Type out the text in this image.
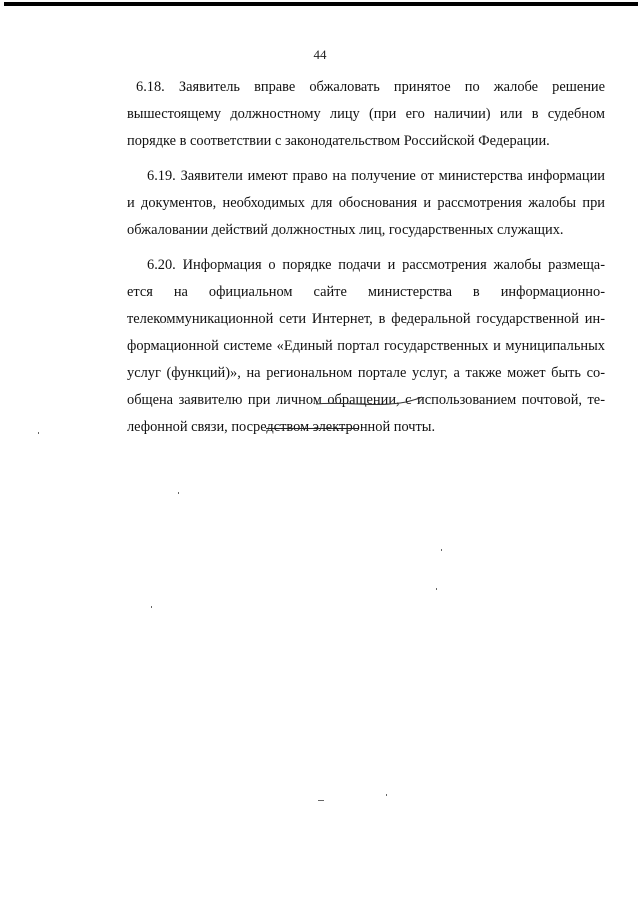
44

6.18. Заявитель вправе обжаловать принятое по жалобе решение вышестоящему должностному лицу (при его наличии) или в судебном порядке в соответствии с законодательством Российской Федерации.

6.19. Заявители имеют право на получение от министерства информации и документов, необходимых для обоснования и рассмотрения жалобы при обжаловании действий должностных лиц, государственных служащих.

6.20. Информация о порядке подачи и рассмотрения жалобы размеща-
ется на официальном сайте министерства в информационно-
телекоммуникационной сети Интернет, в федеральной государственной ин-
формационной системе «Единый портал государственных и муниципальных
услуг (функций)», на региональном портале услуг, а также может быть со-
общена заявителю при личном обращении, с использованием почтовой, те-
лефонной связи, посредством электронной почты.
